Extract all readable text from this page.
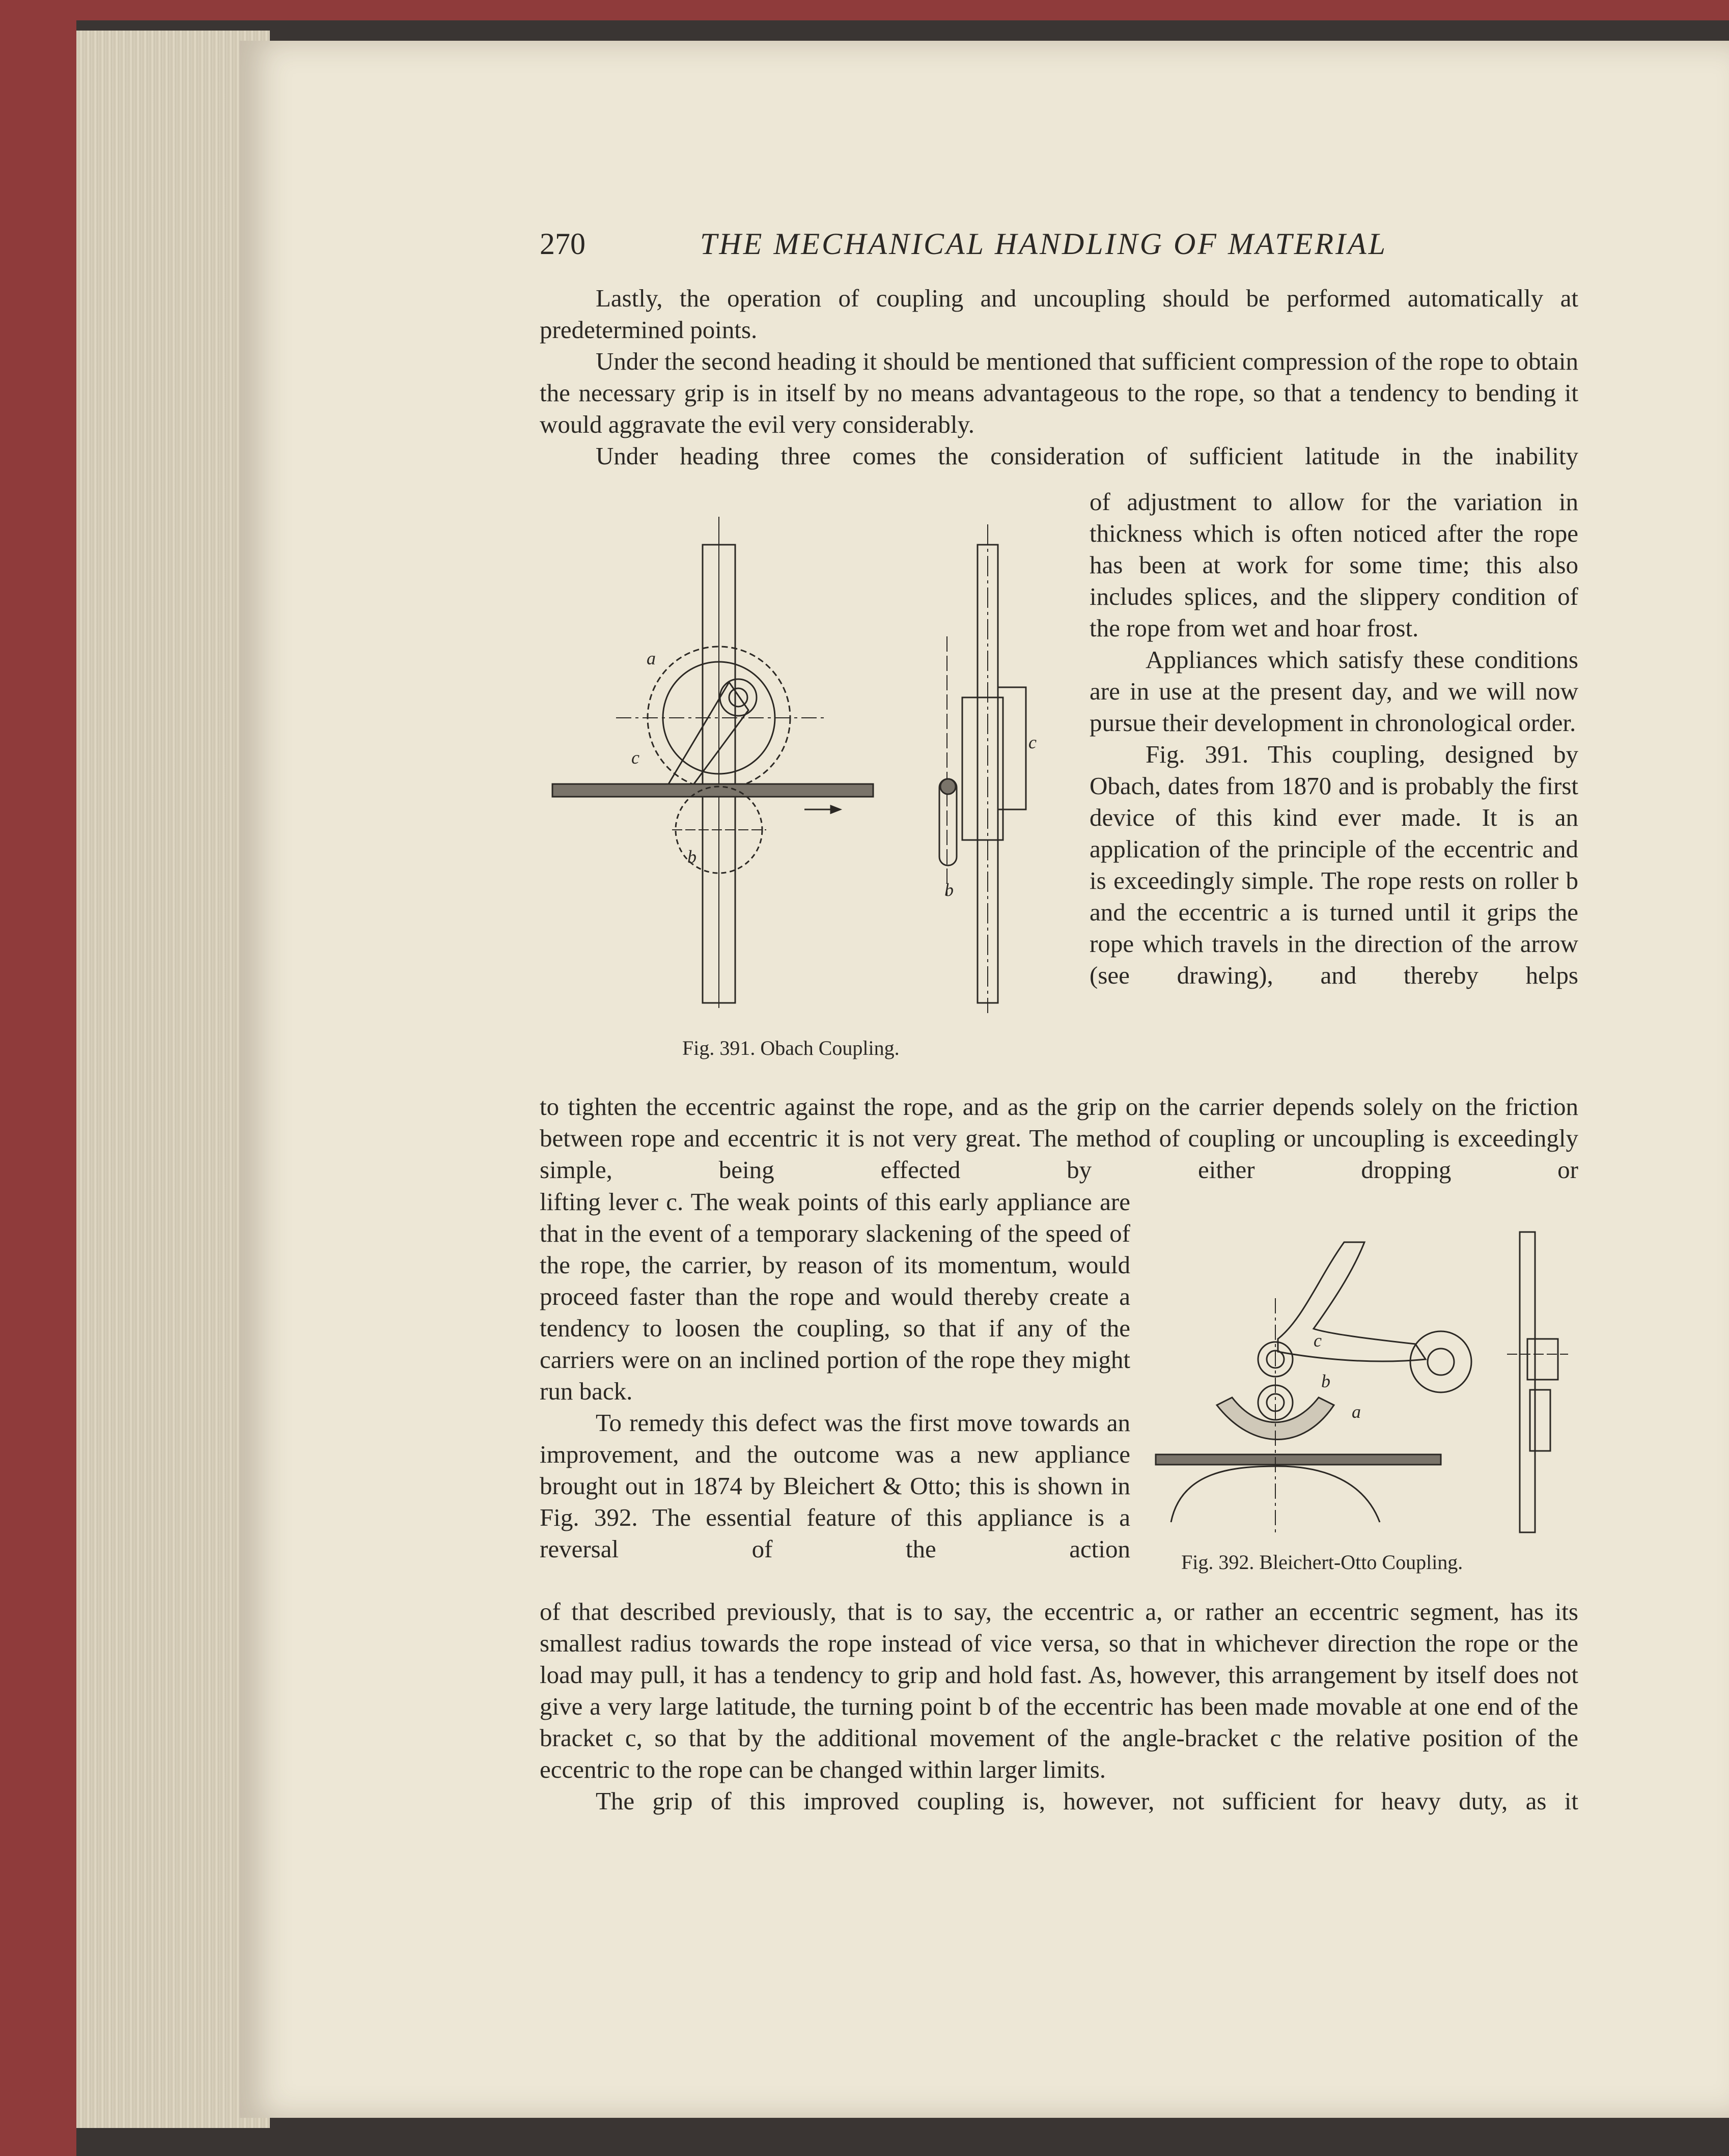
270	THE MECHANICAL HANDLING OF MATERIAL

Lastly, the operation of coupling and uncoupling should be performed automatically at predetermined points.

Under the second heading it should be mentioned that sufficient compression of the rope to obtain the necessary grip is in itself by no means advantageous to the rope, so that a tendency to bending it would aggravate the evil very considerably.

Under heading three comes the consideration of sufficient latitude in the inability

a
c
b
c
b
Fig. 391. Obach Coupling.

of adjustment to allow for the variation in thickness which is often noticed after the rope has been at work for some time; this also includes splices, and the slippery condition of the rope from wet and hoar frost.

Appliances which satisfy these conditions are in use at the present day, and we will now pursue their development in chronological order.

Fig. 391. This coupling, designed by Obach, dates from 1870 and is probably the first device of this kind ever made. It is an application of the principle of the eccentric and is exceedingly simple. The rope rests on roller b and the eccentric a is turned until it grips the rope which travels in the direction of the arrow (see drawing), and thereby helps

to tighten the eccentric against the rope, and as the grip on the carrier depends solely on the friction between rope and eccentric it is not very great. The method of coupling or uncoupling is exceedingly simple, being effected by either dropping or

lifting lever c. The weak points of this early appliance are that in the event of a temporary slackening of the speed of the rope, the carrier, by reason of its momentum, would proceed faster than the rope and would thereby create a tendency to loosen the coupling, so that if any of the carriers were on an inclined portion of the rope they might run back.

To remedy this defect was the first move towards an improvement, and the outcome was a new appliance brought out in 1874 by Bleichert & Otto; this is shown in Fig. 392. The essential feature of this appliance is a reversal of the action

c
b
a
Fig. 392. Bleichert-Otto Coupling.

of that described previously, that is to say, the eccentric a, or rather an eccentric segment, has its smallest radius towards the rope instead of vice versa, so that in whichever direction the rope or the load may pull, it has a tendency to grip and hold fast. As, however, this arrangement by itself does not give a very large latitude, the turning point b of the eccentric has been made movable at one end of the bracket c, so that by the additional movement of the angle-bracket c the relative position of the eccentric to the rope can be changed within larger limits.

The grip of this improved coupling is, however, not sufficient for heavy duty, as it
